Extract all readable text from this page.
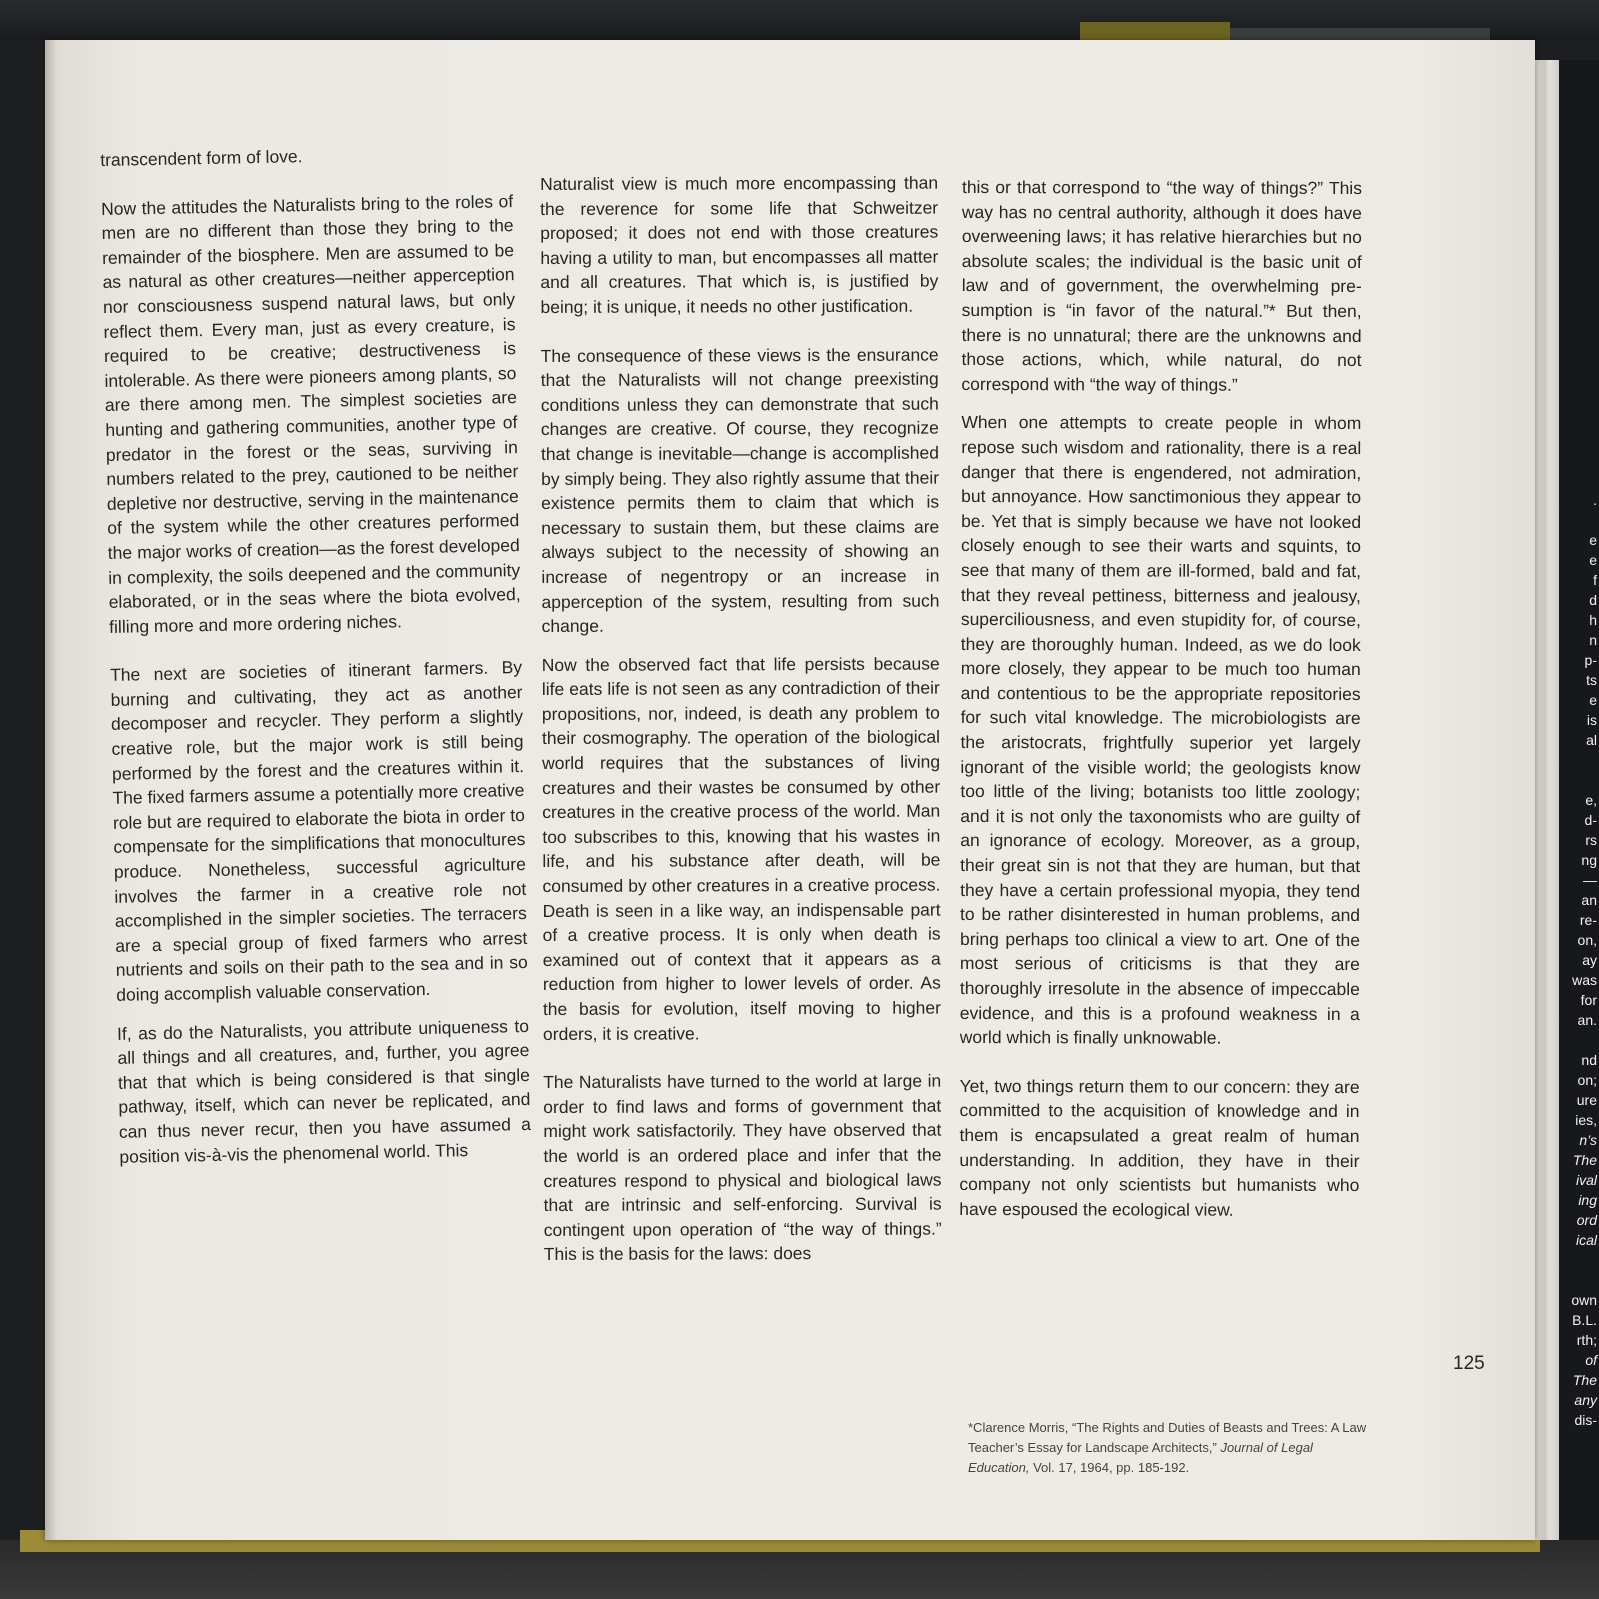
.
e
e
f
d
h
n
p-
ts
e
is
al
e,
d-
rs
ng
—
an
re-
on,
ay
was
for
an.
nd
on;
ure
ies,
n’s
The
ival
ing
ord
ical
own
B.L.
rth;
of
The
any
dis-

transcendent form of love.

Now the attitudes the Naturalists bring to the roles of men are no different than those they bring to the remainder of the biosphere. Men are assumed to be as natural as other creatures—neither apperception nor consciousness suspend natural laws, but only reflect them. Every man, just as every creature, is required to be creative; destructiveness is intolerable. As there were pioneers among plants, so are there among men. The simplest societies are hunting and gathering communities, another type of predator in the forest or the seas, surviving in numbers related to the prey, cautioned to be neither depletive nor destructive, serving in the maintenance of the system while the other creatures performed the major works of creation—as the forest developed in complexity, the soils deepened and the community elaborated, or in the seas where the biota evolved, filling more and more ordering niches.

The next are societies of itinerant farmers. By burning and cultivating, they act as another decomposer and recycler. They perform a slightly creative role, but the major work is still being performed by the forest and the creatures within it. The fixed farmers assume a potentially more creative role but are required to elaborate the biota in order to compensate for the simplifications that monocultures produce. Nonetheless, successful agriculture involves the farmer in a creative role not accomplished in the simpler societies. The terracers are a special group of fixed farmers who arrest nutrients and soils on their path to the sea and in so doing accomplish valuable conservation.

If, as do the Naturalists, you attribute uniqueness to all things and all creatures, and, further, you agree that that which is being considered is that single pathway, itself, which can never be replicated, and can thus never recur, then you have assumed a position vis-à-vis the phenomenal world. This

Naturalist view is much more encompassing than the reverence for some life that Schweitzer proposed; it does not end with those creatures having a utility to man, but encompasses all matter and all creatures. That which is, is justified by being; it is unique, it needs no other justification.

The consequence of these views is the ensurance that the Naturalists will not change preexisting conditions unless they can demonstrate that such changes are creative. Of course, they recognize that change is inevitable—change is accomplished by simply being. They also rightly assume that their existence permits them to claim that which is necessary to sustain them, but these claims are always subject to the necessity of showing an increase of negentropy or an increase in apperception of the system, resulting from such change.

Now the observed fact that life persists because life eats life is not seen as any contradiction of their propositions, nor, indeed, is death any problem to their cosmography. The operation of the biological world requires that the substances of living creatures and their wastes be consumed by other creatures in the creative process of the world. Man too subscribes to this, knowing that his wastes in life, and his substance after death, will be consumed by other creatures in a creative process. Death is seen in a like way, an indispensable part of a creative process. It is only when death is examined out of context that it appears as a reduction from higher to lower levels of order. As the basis for evolution, itself moving to higher orders, it is creative.

The Naturalists have turned to the world at large in order to find laws and forms of government that might work satisfactorily. They have observed that the world is an ordered place and infer that the creatures respond to physical and biological laws that are intrinsic and self-enforcing. Survival is contingent upon operation of “the way of things.” This is the basis for the laws: does

this or that correspond to “the way of things?” This way has no central authority, although it does have overweening laws; it has relative hierarchies but no absolute scales; the individual is the basic unit of law and of government, the overwhelming presumption is “in favor of the natural.”* But then, there is no unnatural; there are the unknowns and those actions, which, while natural, do not correspond with “the way of things.”

When one attempts to create people in whom repose such wisdom and rationality, there is a real danger that there is engendered, not admiration, but annoyance. How sanctimonious they appear to be. Yet that is simply because we have not looked closely enough to see their warts and squints, to see that many of them are ill-formed, bald and fat, that they reveal pettiness, bitterness and jealousy, superciliousness, and even stupidity for, of course, they are thoroughly human. Indeed, as we do look more closely, they appear to be much too human and contentious to be the appropriate repositories for such vital knowledge. The microbiologists are the aristocrats, frightfully superior yet largely ignorant of the visible world; the geologists know too little of the living; botanists too little zoology; and it is not only the taxonomists who are guilty of an ignorance of ecology. Moreover, as a group, their great sin is not that they are human, but that they have a certain professional myopia, they tend to be rather disinterested in human problems, and bring perhaps too clinical a view to art. One of the most serious of criticisms is that they are thoroughly irresolute in the absence of impeccable evidence, and this is a profound weakness in a world which is finally unknowable.

Yet, two things return them to our concern: they are committed to the acquisition of knowledge and in them is encapsulated a great realm of human understanding. In addition, they have in their company not only scientists but humanists who have espoused the ecological view.

125
*Clarence Morris, “The Rights and Duties of Beasts and Trees: A Law Teacher’s Essay for Landscape Architects,” Journal of Legal Education, Vol. 17, 1964, pp. 185-192.
